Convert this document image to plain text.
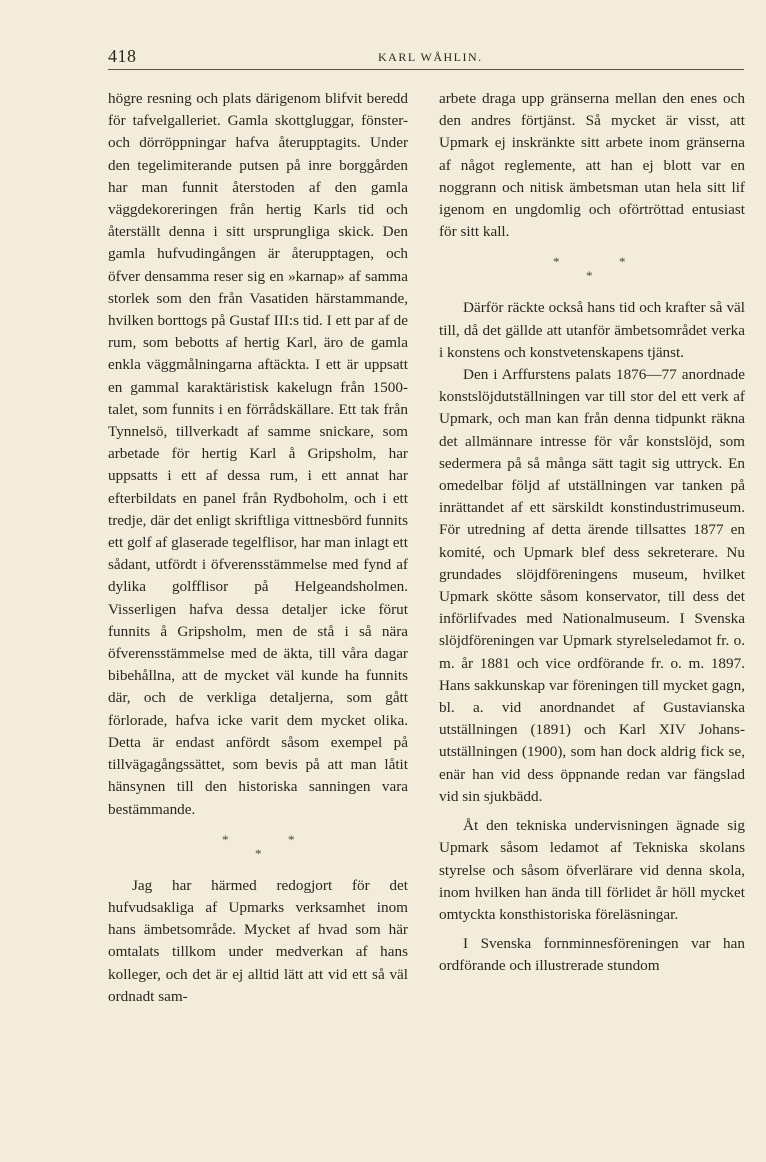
418	KARL WÅHLIN.

högre resning och plats därigenom blifvit beredd för tafvelgalleriet. Gamla skottgluggar, fönster- och dörröppningar hafva återupptagits. Under den tegelimiterande putsen på inre borggården har man funnit återstoden af den gamla väggdekoreringen från hertig Karls tid och återställt denna i sitt ursprungliga skick. Den gamla hufvudingången är återupptagen, och öfver densamma reser sig en »karnap» af samma storlek som den från Vasatiden härstammande, hvilken borttogs på Gustaf III:s tid. I ett par af de rum, som bebotts af hertig Karl, äro de gamla enkla väggmålningarna aftäckta. I ett är uppsatt en gammal karaktäristisk kakelugn från 1500-talet, som funnits i en förrådskällare. Ett tak från Tynnelsö, tillverkadt af samme snickare, som arbetade för hertig Karl å Gripsholm, har uppsatts i ett af dessa rum, i ett annat har efterbildats en panel från Rydboholm, och i ett tredje, där det enligt skriftliga vittnesbörd funnits ett golf af glaserade tegelflisor, har man inlagt ett sådant, utfördt i öfverensstämmelse med fynd af dylika golfflisor på Helgeandsholmen. Visserligen hafva dessa detaljer icke förut funnits å Gripsholm, men de stå i så nära öfverensstämmelse med de äkta, till våra dagar bibehållna, att de mycket väl kunde ha funnits där, och de verkliga detaljerna, som gått förlorade, hafva icke varit dem mycket olika. Detta är endast anfördt såsom exempel på tillvägagångssättet, som bevis på att man låtit hänsynen till den historiska sanningen vara bestämmande.

*	*
*

Jag har härmed redogjort för det hufvudsakliga af Upmarks verksamhet inom hans ämbetsområde. Mycket af hvad som här omtalats tillkom under medverkan af hans kolleger, och det är ej alltid lätt att vid ett så väl ordnadt sam-

arbete draga upp gränserna mellan den enes och den andres förtjänst. Så mycket är visst, att Upmark ej inskränkte sitt arbete inom gränserna af något reglemente, att han ej blott var en noggrann och nitisk ämbetsman utan hela sitt lif igenom en ungdomlig och oförtröttad entusiast för sitt kall.

*	*
*

Därför räckte också hans tid och krafter så väl till, då det gällde att utanför ämbetsområdet verka i konstens och konstvetenskapens tjänst.

Den i Arffurstens palats 1876—77 anordnade konstslöjdutställningen var till stor del ett verk af Upmark, och man kan från denna tidpunkt räkna det allmännare intresse för vår konstslöjd, som sedermera på så många sätt tagit sig uttryck. En omedelbar följd af utställningen var tanken på inrättandet af ett särskildt konstindustrimuseum. För utredning af detta ärende tillsattes 1877 en komité, och Upmark blef dess sekreterare. Nu grundades slöjdföreningens museum, hvilket Upmark skötte såsom konservator, till dess det införlifvades med Nationalmuseum. I Svenska slöjdföreningen var Upmark styrelseledamot fr. o. m. år 1881 och vice ordförande fr. o. m. 1897. Hans sakkunskap var föreningen till mycket gagn, bl. a. vid anordnandet af Gustavianska utställningen (1891) och Karl XIV Johans-utställningen (1900), som han dock aldrig fick se, enär han vid dess öppnande redan var fängslad vid sin sjukbädd.

Åt den tekniska undervisningen ägnade sig Upmark såsom ledamot af Tekniska skolans styrelse och såsom öfverlärare vid denna skola, inom hvilken han ända till förlidet år höll mycket omtyckta konsthistoriska föreläsningar.

I Svenska fornminnesföreningen var han ordförande och illustrerade stundom
